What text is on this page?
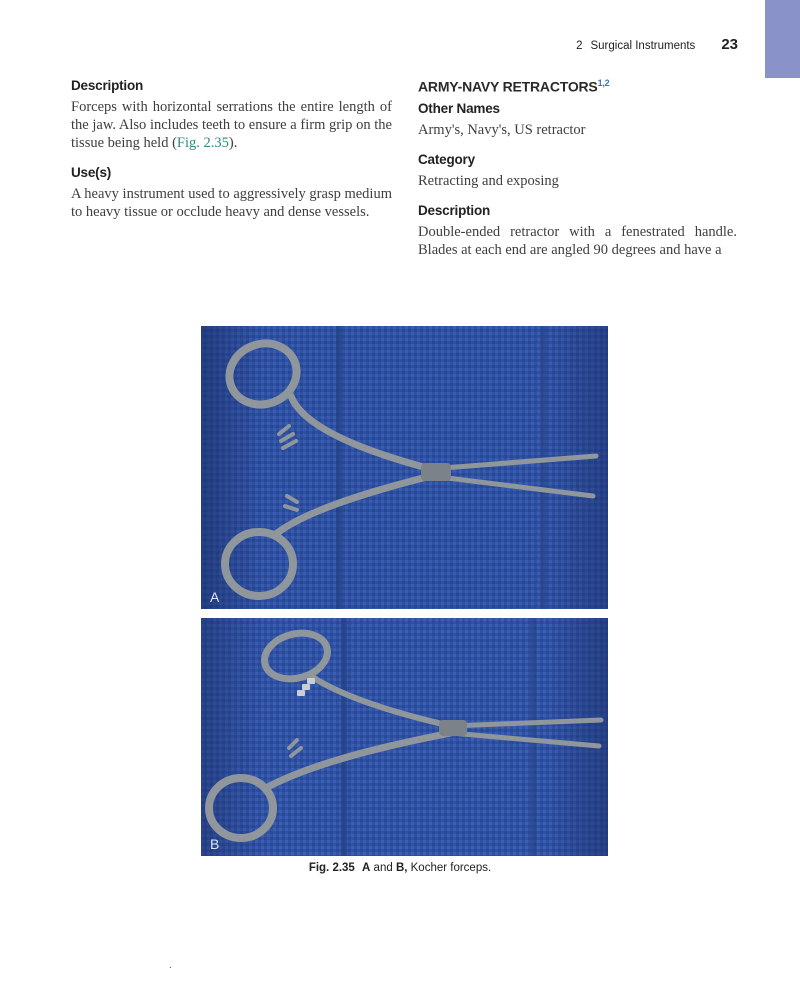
2 Surgical Instruments 23
Description

Forceps with horizontal serrations the entire length of the jaw. Also includes teeth to ensure a firm grip on the tissue being held (Fig. 2.35).

Use(s)

A heavy instrument used to aggressively grasp medium to heavy tissue or occlude heavy and dense vessels.

ARMY-NAVY RETRACTORS$^{1,2}$
Other Names

Army's, Navy's, US retractor

Category

Retracting and exposing

Description

Double-ended retractor with a fenestrated handle. Blades at each end are angled 90 degrees and have a

A
B
Fig. 2.35 A and B, Kocher forceps.
.
